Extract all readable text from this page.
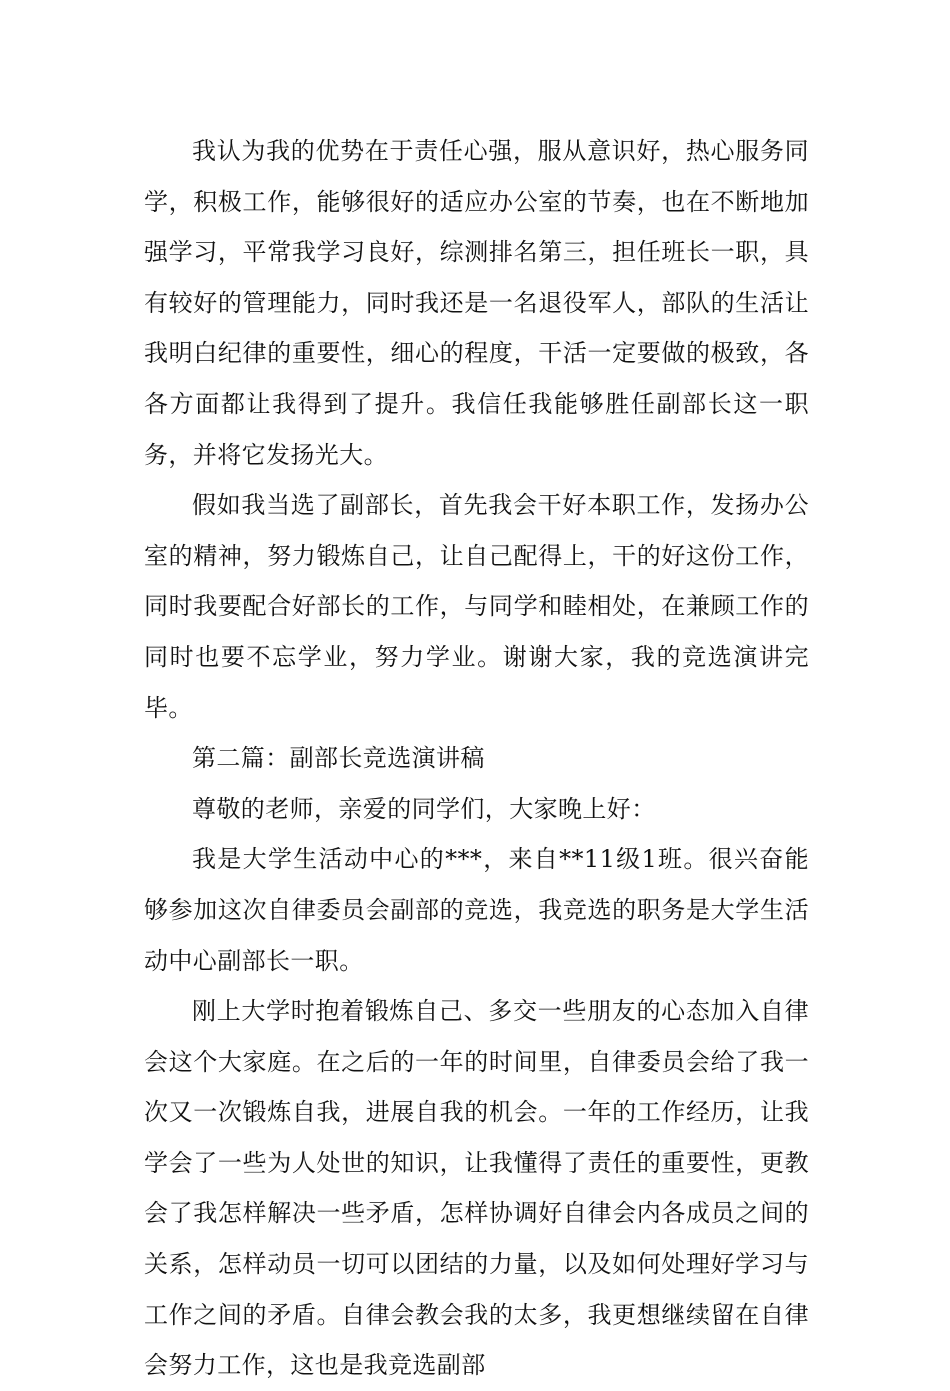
我认为我的优势在于责任心强，服从意识好，热心服务同学，积极工作，能够很好的适应办公室的节奏，也在不断地加强学习，平常我学习良好，综测排名第三，担任班长一职，具有较好的管理能力，同时我还是一名退役军人，部队的生活让我明白纪律的重要性，细心的程度，干活一定要做的极致，各各方面都让我得到了提升。我信任我能够胜任副部长这一职务，并将它发扬光大。

假如我当选了副部长，首先我会干好本职工作，发扬办公室的精神，努力锻炼自己，让自己配得上，干的好这份工作，同时我要配合好部长的工作，与同学和睦相处，在兼顾工作的同时也要不忘学业，努力学业。谢谢大家，我的竞选演讲完毕。

第二篇：副部长竞选演讲稿

尊敬的老师，亲爱的同学们，大家晚上好：

我是大学生活动中心的***，来自**11级1班。很兴奋能够参加这次自律委员会副部的竞选，我竞选的职务是大学生活动中心副部长一职。

刚上大学时抱着锻炼自己、多交一些朋友的心态加入自律会这个大家庭。在之后的一年的时间里，自律委员会给了我一次又一次锻炼自我，进展自我的机会。一年的工作经历，让我学会了一些为人处世的知识，让我懂得了责任的重要性，更教会了我怎样解决一些矛盾，怎样协调好自律会内各成员之间的关系，怎样动员一切可以团结的力量，以及如何处理好学习与工作之间的矛盾。自律会教会我的太多，我更想继续留在自律会努力工作，这也是我竞选副部
